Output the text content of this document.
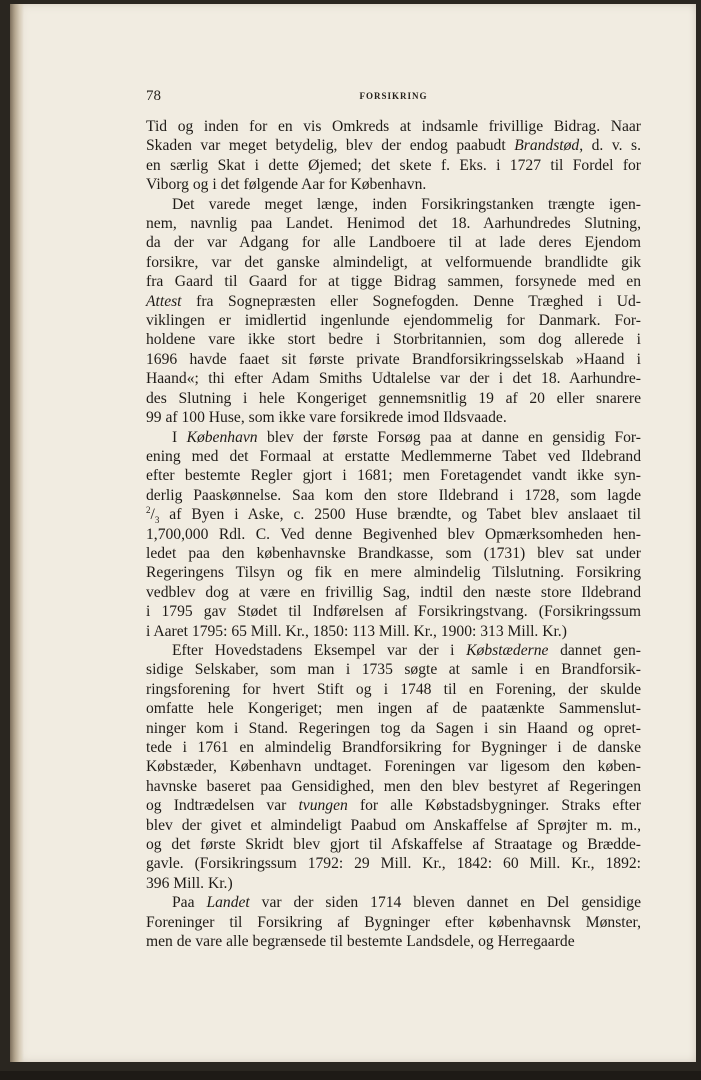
78	FORSIKRING

Tid og inden for en vis Omkreds at indsamle frivillige Bidrag. Naar
Skaden var meget betydelig, blev der endog paabudt Brandstød, d. v. s.
en særlig Skat i dette Øjemed; det skete f. Eks. i 1727 til Fordel for
Viborg og i det følgende Aar for København.

Det varede meget længe, inden Forsikringstanken trængte igen-
nem, navnlig paa Landet. Henimod det 18. Aarhundredes Slutning,
da der var Adgang for alle Landboere til at lade deres Ejendom
forsikre, var det ganske almindeligt, at velformuende brandlidte gik
fra Gaard til Gaard for at tigge Bidrag sammen, forsynede med en
Attest fra Sognepræsten eller Sognefogden. Denne Træghed i Ud-
viklingen er imidlertid ingenlunde ejendommelig for Danmark. For-
holdene vare ikke stort bedre i Storbritannien, som dog allerede i
1696 havde faaet sit første private Brandforsikringsselskab »Haand i
Haand«; thi efter Adam Smiths Udtalelse var der i det 18. Aarhundre-
des Slutning i hele Kongeriget gennemsnitlig 19 af 20 eller snarere
99 af 100 Huse, som ikke vare forsikrede imod Ildsvaade.

I København blev der første Forsøg paa at danne en gensidig For-
ening med det Formaal at erstatte Medlemmerne Tabet ved Ildebrand
efter bestemte Regler gjort i 1681; men Foretagendet vandt ikke syn-
derlig Paaskønnelse. Saa kom den store Ildebrand i 1728, som lagde
$^2/_3$ af Byen i Aske, c. 2500 Huse brændte, og Tabet blev anslaaet til
1,700,000 Rdl. C. Ved denne Begivenhed blev Opmærksomheden hen-
ledet paa den københavnske Brandkasse, som (1731) blev sat under
Regeringens Tilsyn og fik en mere almindelig Tilslutning. Forsikring
vedblev dog at være en frivillig Sag, indtil den næste store Ildebrand
i 1795 gav Stødet til Indførelsen af Forsikringstvang. (Forsikringssum
i Aaret 1795: 65 Mill. Kr., 1850: 113 Mill. Kr., 1900: 313 Mill. Kr.)

Efter Hovedstadens Eksempel var der i Købstæderne dannet gen-
sidige Selskaber, som man i 1735 søgte at samle i en Brandforsik-
ringsforening for hvert Stift og i 1748 til en Forening, der skulde
omfatte hele Kongeriget; men ingen af de paatænkte Sammenslut-
ninger kom i Stand. Regeringen tog da Sagen i sin Haand og opret-
tede i 1761 en almindelig Brandforsikring for Bygninger i de danske
Købstæder, København undtaget. Foreningen var ligesom den køben-
havnske baseret paa Gensidighed, men den blev bestyret af Regeringen
og Indtrædelsen var tvungen for alle Købstadsbygninger. Straks efter
blev der givet et almindeligt Paabud om Anskaffelse af Sprøjter m. m.,
og det første Skridt blev gjort til Afskaffelse af Straatage og Brædde-
gavle. (Forsikringssum 1792: 29 Mill. Kr., 1842: 60 Mill. Kr., 1892:
396 Mill. Kr.)

Paa Landet var der siden 1714 bleven dannet en Del gensidige
Foreninger til Forsikring af Bygninger efter københavnsk Mønster,
men de vare alle begrænsede til bestemte Landsdele, og Herregaarde
